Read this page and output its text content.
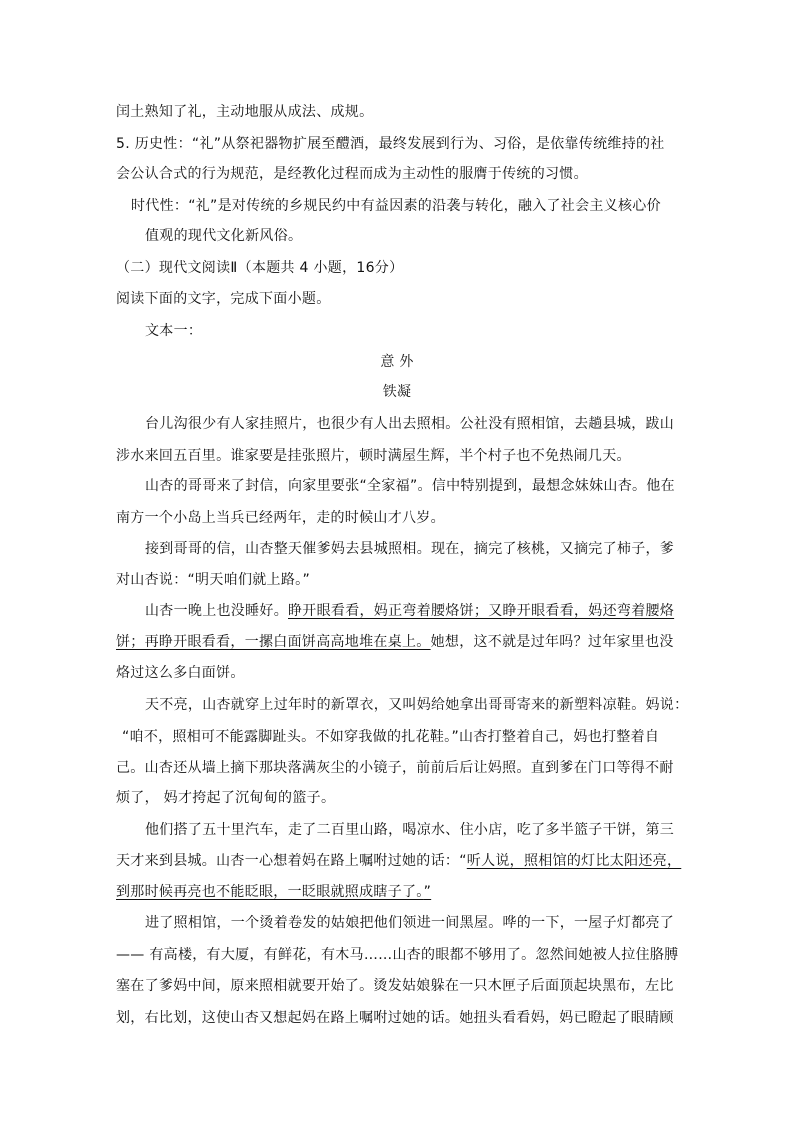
闰土熟知了礼，主动地服从成法、成规。
5. 历史性：“礼”从祭祀器物扩展至醴酒，最终发展到行为、习俗，是依靠传统维持的社
会公认合式的行为规范，是经教化过程而成为主动性的服膺于传统的习惯。
时代性：“礼”是对传统的乡规民约中有益因素的沿袭与转化，融入了社会主义核心价
值观的现代文化新风俗。
（二）现代文阅读Ⅱ（本题共 4 小题，16分）
阅读下面的文字，完成下面小题。
文本一：
意 外
铁凝
台儿沟很少有人家挂照片，也很少有人出去照相。公社没有照相馆，去趟县城，跋山
涉水来回五百里。谁家要是挂张照片，顿时满屋生辉，半个村子也不免热闹几天。
山杏的哥哥来了封信，向家里要张“全家福”。信中特别提到，最想念妹妹山杏。他在
南方一个小岛上当兵已经两年，走的时候山才八岁。
接到哥哥的信，山杏整天催爹妈去县城照相。现在，摘完了核桃，又摘完了柿子，爹
对山杏说：“明天咱们就上路。”
山杏一晚上也没睡好。睁开眼看看，妈正弯着腰烙饼；又睁开眼看看，妈还弯着腰烙
饼；再睁开眼看看，一摞白面饼高高地堆在桌上。她想，这不就是过年吗？过年家里也没
烙过这么多白面饼。
天不亮，山杏就穿上过年时的新罩衣，又叫妈给她拿出哥哥寄来的新塑料凉鞋。妈说：
“咱不，照相可不能露脚趾头。不如穿我做的扎花鞋。”山杏打整着自己，妈也打整着自
己。山杏还从墙上摘下那块落满灰尘的小镜子，前前后后让妈照。直到爹在门口等得不耐
烦了， 妈才挎起了沉甸甸的篮子。
他们搭了五十里汽车，走了二百里山路，喝凉水、住小店，吃了多半篮子干饼，第三
天才来到县城。山杏一心想着妈在路上嘱咐过她的话：“听人说，照相馆的灯比太阳还亮，
到那时候再亮也不能眨眼，一眨眼就照成瞎子了。”
进了照相馆，一个烫着卷发的姑娘把他们领进一间黑屋。哗的一下，一屋子灯都亮了
—— 有高楼，有大厦，有鲜花，有木马……山杏的眼都不够用了。忽然间她被人拉住胳膊
塞在了爹妈中间，原来照相就要开始了。烫发姑娘躲在一只木匣子后面顶起块黑布，左比
划，右比划，这使山杏又想起妈在路上嘱咐过她的话。她扭头看看妈，妈已瞪起了眼睛顾
